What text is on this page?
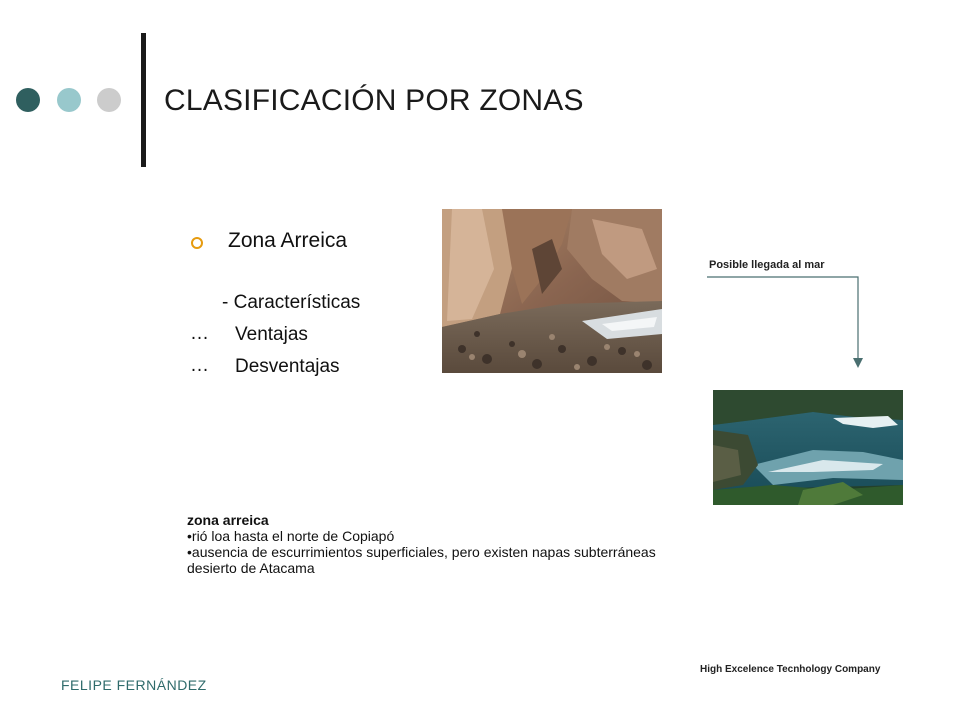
CLASIFICACIÓN POR ZONAS
Zona Arreica
- Características
… Ventajas
… Desventajas
Posible llegada al mar
zona arreica
•rió loa hasta el norte de Copiapó
•ausencia de escurrimientos superficiales, pero existen napas subterráneas
desierto de Atacama
High Excelence Tecnhology Company
FELIPE FERNÁNDEZ
